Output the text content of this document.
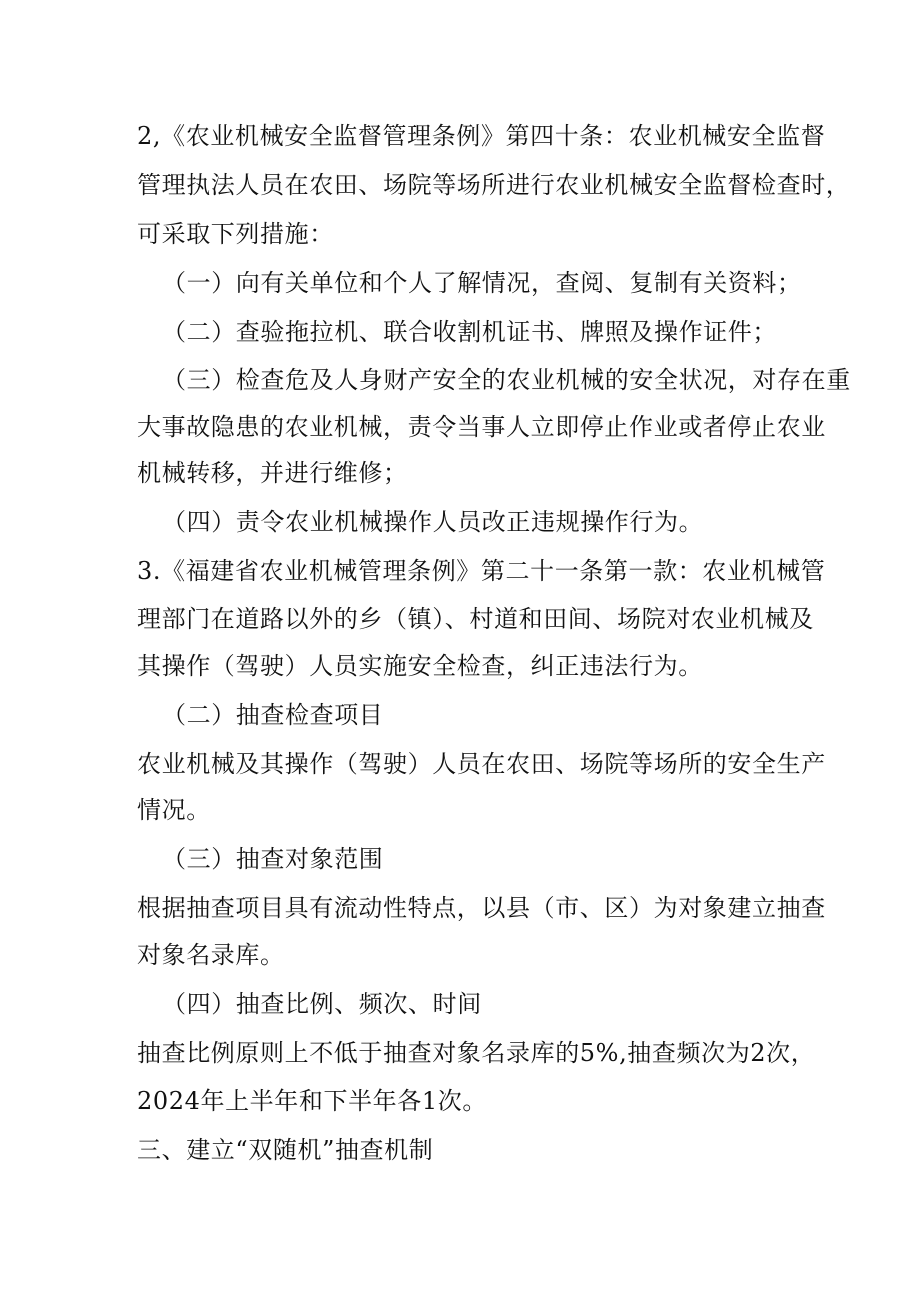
2,《农业机械安全监督管理条例》第四十条：农业机械安全监督
管理执法人员在农田、场院等场所进行农业机械安全监督检查时，
可采取下列措施：
（一）向有关单位和个人了解情况，查阅、复制有关资料；
（二）查验拖拉机、联合收割机证书、牌照及操作证件；
（三）检查危及人身财产安全的农业机械的安全状况，对存在重
大事故隐患的农业机械，责令当事人立即停止作业或者停止农业
机械转移，并进行维修；
（四）责令农业机械操作人员改正违规操作行为。
3.《福建省农业机械管理条例》第二十一条第一款：农业机械管
理部门在道路以外的乡（镇）、村道和田间、场院对农业机械及
其操作（驾驶）人员实施安全检查，纠正违法行为。
（二）抽查检查项目
农业机械及其操作（驾驶）人员在农田、场院等场所的安全生产
情况。
（三）抽查对象范围
根据抽查项目具有流动性特点，以县（市、区）为对象建立抽查
对象名录库。
（四）抽查比例、频次、时间
抽查比例原则上不低于抽查对象名录库的5%,抽查频次为2次，
2024年上半年和下半年各1次。
三、建立“双随机”抽查机制
